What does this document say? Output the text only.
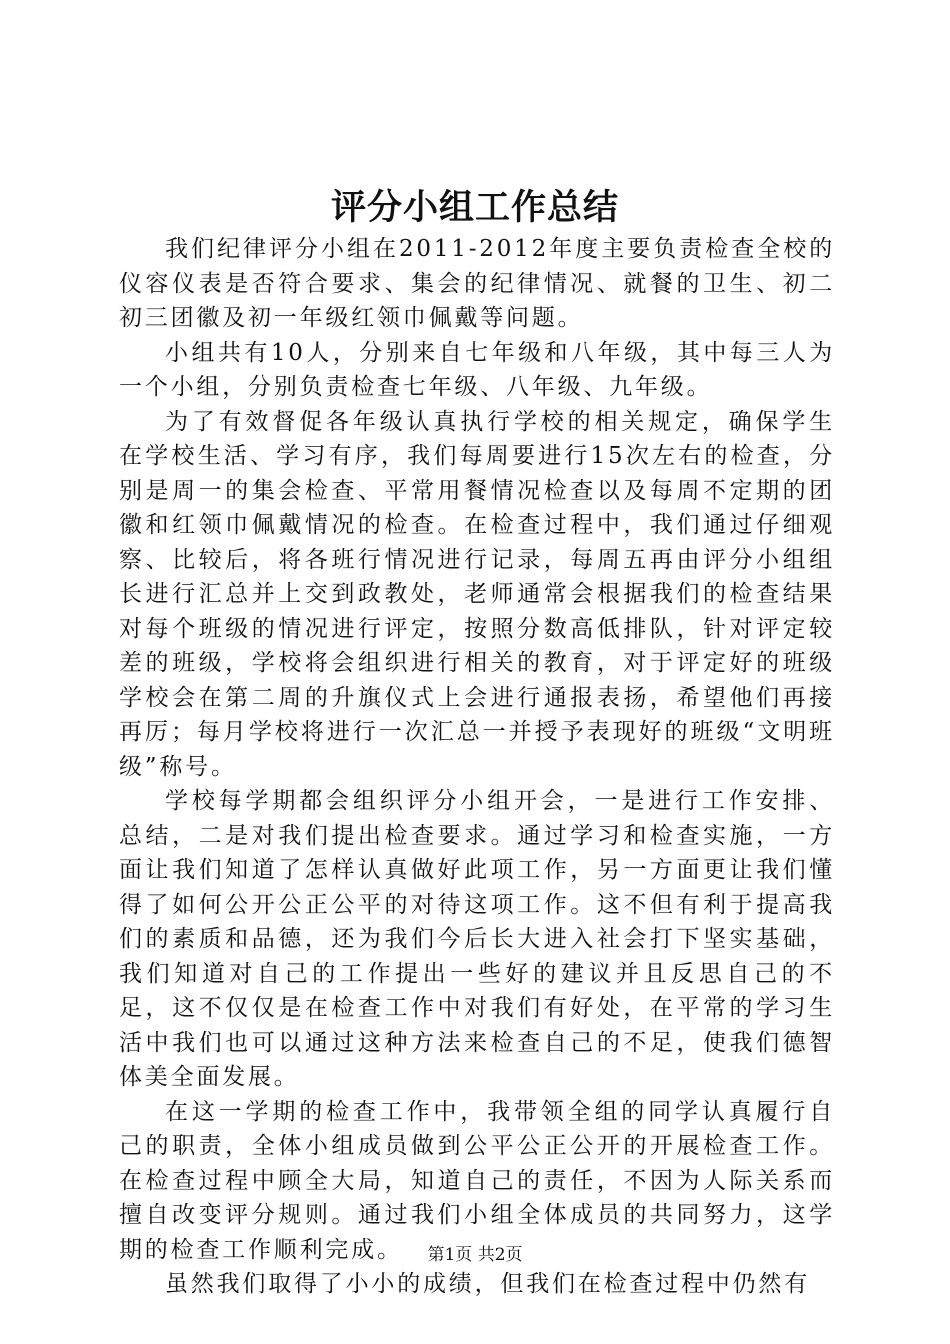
评分小组工作总结

我们纪律评分小组在2011-2012年度主要负责检查全校的仪容仪表是否符合要求、集会的纪律情况、就餐的卫生、初二初三团徽及初一年级红领巾佩戴等问题。

小组共有10人，分别来自七年级和八年级，其中每三人为一个小组，分别负责检查七年级、八年级、九年级。

为了有效督促各年级认真执行学校的相关规定，确保学生在学校生活、学习有序，我们每周要进行15次左右的检查，分别是周一的集会检查、平常用餐情况检查以及每周不定期的团徽和红领巾佩戴情况的检查。在检查过程中，我们通过仔细观察、比较后，将各班行情况进行记录，每周五再由评分小组组长进行汇总并上交到政教处，老师通常会根据我们的检查结果对每个班级的情况进行评定，按照分数高低排队，针对评定较差的班级，学校将会组织进行相关的教育，对于评定好的班级学校会在第二周的升旗仪式上会进行通报表扬，希望他们再接再厉；每月学校将进行一次汇总一并授予表现好的班级“文明班级”称号。

学校每学期都会组织评分小组开会，一是进行工作安排、总结，二是对我们提出检查要求。通过学习和检查实施，一方面让我们知道了怎样认真做好此项工作，另一方面更让我们懂得了如何公开公正公平的对待这项工作。这不但有利于提高我们的素质和品德，还为我们今后长大进入社会打下坚实基础，我们知道对自己的工作提出一些好的建议并且反思自己的不足，这不仅仅是在检查工作中对我们有好处，在平常的学习生活中我们也可以通过这种方法来检查自己的不足，使我们德智体美全面发展。

在这一学期的检查工作中，我带领全组的同学认真履行自己的职责，全体小组成员做到公平公正公开的开展检查工作。在检查过程中顾全大局，知道自己的责任，不因为人际关系而擅自改变评分规则。通过我们小组全体成员的共同努力，这学期的检查工作顺利完成。

虽然我们取得了小小的成绩，但我们在检查过程中仍然有

第1页 共2页
